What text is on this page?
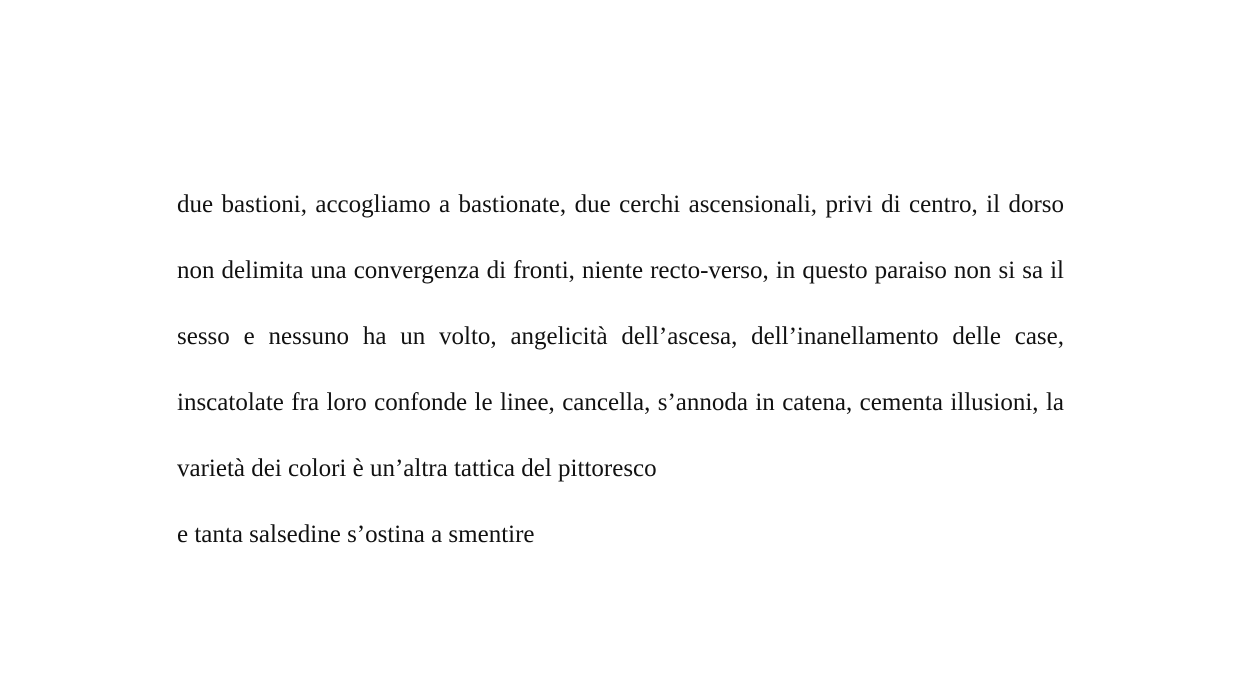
due bastioni, accogliamo a bastionate, due cerchi ascensionali, privi di centro, il dorso non delimita una convergenza di fronti, niente recto-verso, in questo paraiso non si sa il sesso e nessuno ha un volto, angelicità dell’ascesa, dell’inanellamento delle case, inscatolate fra loro confonde le linee, cancella, s’annoda in catena, cementa illusioni, la varietà dei colori è un’altra tattica del pittoresco

e tanta salsedine s’ostina a smentire
